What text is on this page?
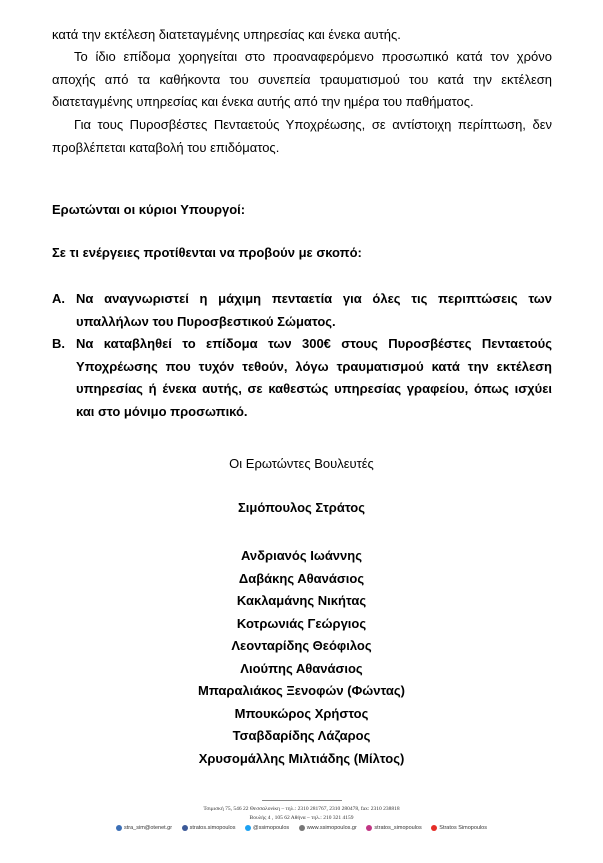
κατά την εκτέλεση διατεταγμένης υπηρεσίας και ένεκα αυτής.
Το ίδιο επίδομα χορηγείται στο προαναφερόμενο προσωπικό κατά τον χρόνο αποχής από τα καθήκοντα του συνεπεία τραυματισμού του κατά την εκτέλεση διατεταγμένης υπηρεσίας και ένεκα αυτής από την ημέρα του παθήματος.
Για τους Πυροσβέστες Πενταετούς Υποχρέωσης, σε αντίστοιχη περίπτωση, δεν προβλέπεται καταβολή του επιδόματος.
Ερωτώνται οι κύριοι Υπουργοί:
Σε τι ενέργειες προτίθενται να προβούν με σκοπό:
A. Να αναγνωριστεί η μάχιμη πενταετία για όλες τις περιπτώσεις των υπαλλήλων του Πυροσβεστικού Σώματος.
B. Να καταβληθεί το επίδομα των 300€ στους Πυροσβέστες Πενταετούς Υποχρέωσης που τυχόν τεθούν, λόγω τραυματισμού κατά την εκτέλεση υπηρεσίας ή ένεκα αυτής, σε καθεστώς υπηρεσίας γραφείου, όπως ισχύει και στο μόνιμο προσωπικό.
Οι Ερωτώντες Βουλευτές
Σιμόπουλος Στράτος
Ανδριανός Ιωάννης
Δαβάκης Αθανάσιος
Κακλαμάνης Νικήτας
Κοτρωνιάς Γεώργιος
Λεονταρίδης Θεόφιλος
Λιούπης Αθανάσιος
Μπαραλιάκος Ξενοφών (Φώντας)
Μπουκώρος Χρήστος
Τσαβδαρίδης Λάζαρος
Χρυσομάλλης Μιλτιάδης (Μίλτος)
Τσιμισκή 75, 546 22 Θεσσαλονίκη – τηλ.: 2310 281767, 2310 280478, fax: 2310 238818
Βουλής 4 , 105 62 Αθήνα – τηλ.: 210 321 4159
stra_sim@otenet.gr	stratos.simopoulos	@ssimopoulos	www.ssimopoulos.gr	stratos_simopoulos	Stratos Simopoulos
